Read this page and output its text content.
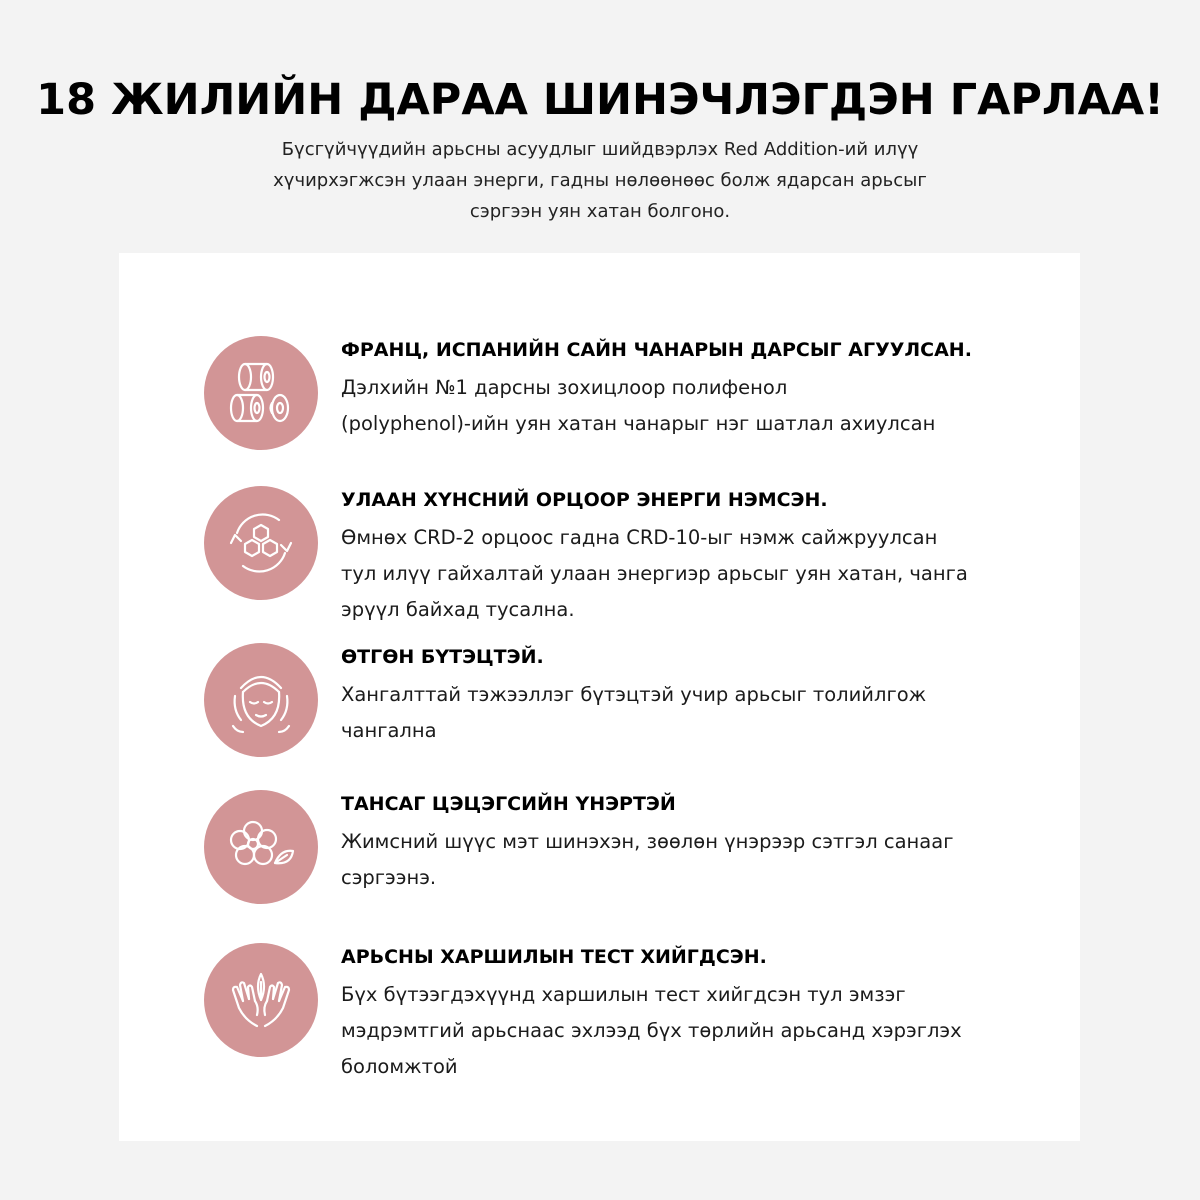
18 ЖИЛИЙН ДАРАА ШИНЭЧЛЭГДЭН ГАРЛАА!

Бүсгүйчүүдийн арьсны асуудлыг шийдвэрлэх Red Addition-ий илүү
хүчирхэгжсэн улаан энерги, гадны нөлөөнөөс болж ядарсан арьсыг
сэргээн уян хатан болгоно.

ФРАНЦ, ИСПАНИЙН САЙН ЧАНАРЫН ДАРСЫГ АГУУЛСАН.

Дэлхийн №1 дарсны зохицлоор полифенол
(polyphenol)-ийн уян хатан чанарыг нэг шатлал ахиулсан

УЛААН ХҮНСНИЙ ОРЦООР ЭНЕРГИ НЭМСЭН.

Өмнөх CRD-2 орцоос гадна CRD-10-ыг нэмж сайжруулсан
тул илүү гайхалтай улаан энергиэр арьсыг уян хатан, чанга
эрүүл байхад тусална.

ӨТГӨН БҮТЭЦТЭЙ.

Хангалттай тэжээллэг бүтэцтэй учир арьсыг толийлгож
чангална

ТАНСАГ ЦЭЦЭГСИЙН ҮНЭРТЭЙ

Жимсний шүүс мэт шинэхэн, зөөлөн үнэрээр сэтгэл санааг
сэргээнэ.

АРЬСНЫ ХАРШИЛЫН ТЕСТ ХИЙГДСЭН.

Бүх бүтээгдэхүүнд харшилын тест хийгдсэн тул эмзэг
мэдрэмтгий арьснаас эхлээд бүх төрлийн арьсанд хэрэглэх
боломжтой
